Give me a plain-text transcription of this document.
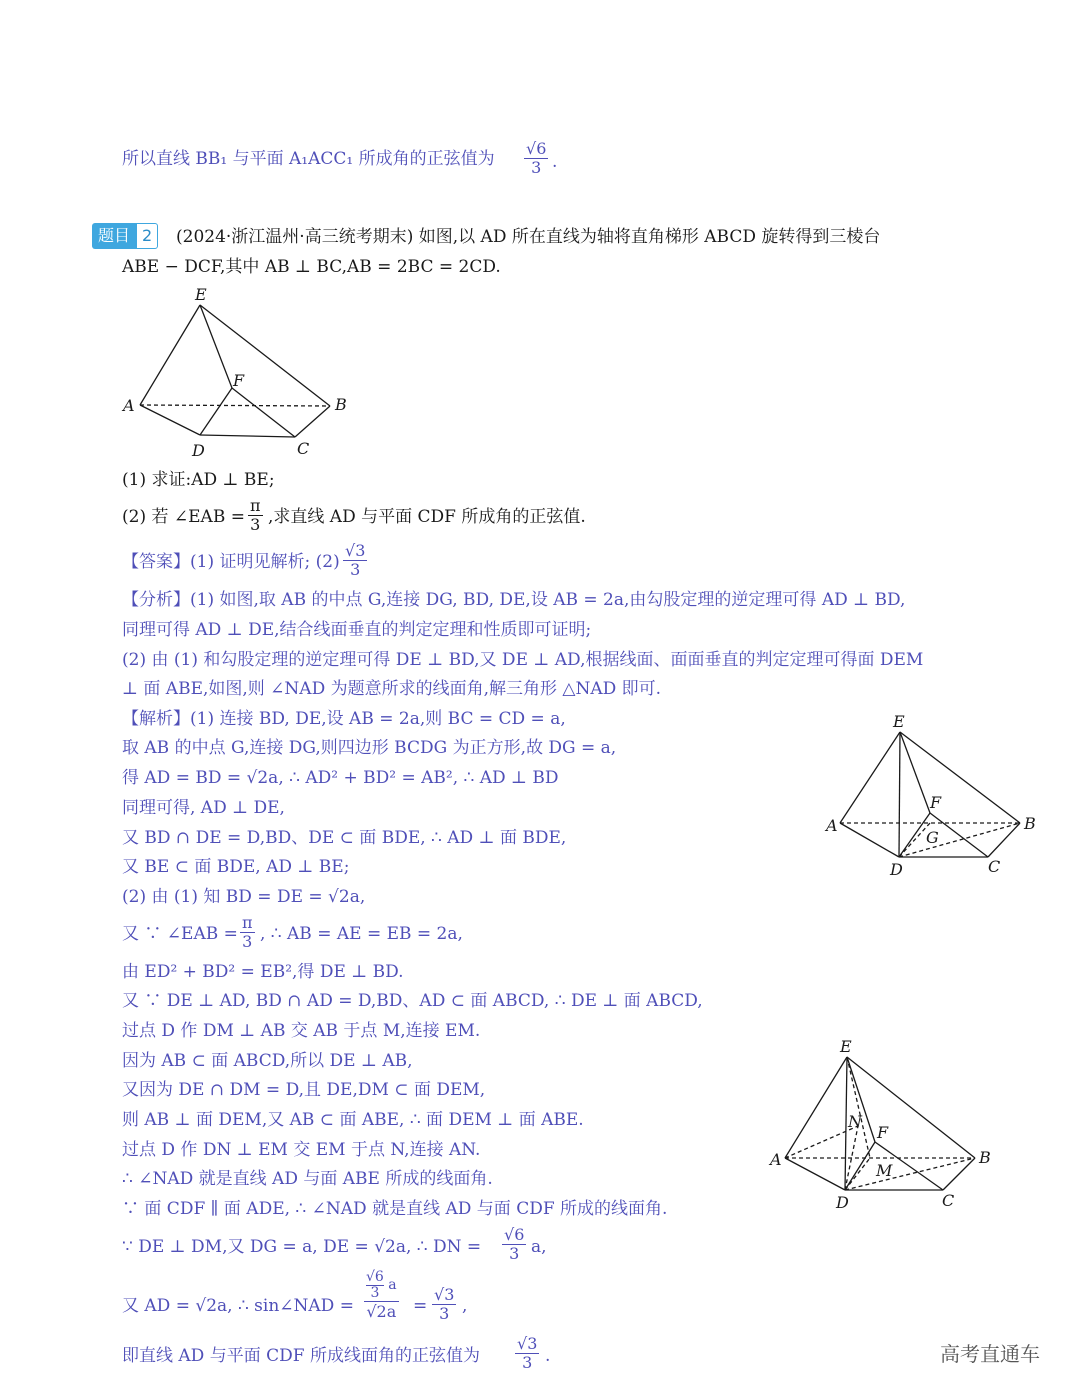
所以直线 BB₁ 与平面 A₁ACC₁ 所成角的正弦值为 $\frac{√6}{3}$ .
题目 2	(2024·浙江温州·高三统考期末) 如图,以 AD 所在直线为轴将直角梯形 ABCD 旋转得到三棱台
ABE − DCF,其中 AB ⊥ BC,AB = 2BC = 2CD.
E
A	B
F
D	C
(1) 求证:AD ⊥ BE;
(2) 若 ∠EAB = $\frac{\pi}{3}$ ,求直线 AD 与平面 CDF 所成角的正弦值.
【答案】(1) 证明见解析; $(2) \frac{√3}{3}$
【分析】(1) 如图,取 AB 的中点 G,连接 DG, BD, DE,设 AB = 2a,由勾股定理的逆定理可得 AD ⊥ BD,
同理可得 AD ⊥ DE,结合线面垂直的判定定理和性质即可证明;
(2) 由 (1) 和勾股定理的逆定理可得 DE ⊥ BD,又 DE ⊥ AD,根据线面、面面垂直的判定定理可得面 DEM
⊥ 面 ABE,如图,则 ∠NAD 为题意所求的线面角,解三角形 △NAD 即可.
【解析】(1) 连接 BD, DE,设 AB = 2a,则 BC = CD = a,
取 AB 的中点 G,连接 DG,则四边形 BCDG 为正方形,故 DG = a,
得 AD = BD = √2a, ∴ AD² + BD² = AB², ∴ AD ⊥ BD
同理可得, AD ⊥ DE,
又 BD ∩ DE = D,BD、DE ⊂ 面 BDE, ∴ AD ⊥ 面 BDE,
又 BE ⊂ 面 BDE, AD ⊥ BE;
(2) 由 (1) 知 BD = DE = √2a,
又 ∵ ∠EAB = $\frac{\pi}{3}$ , ∴ AB = AE = EB = 2a,
由 ED² + BD² = EB²,得 DE ⊥ BD.
又 ∵ DE ⊥ AD, BD ∩ AD = D,BD、AD ⊂ 面 ABCD, ∴ DE ⊥ 面 ABCD,
过点 D 作 DM ⊥ AB 交 AB 于点 M,连接 EM.
因为 AB ⊂ 面 ABCD,所以 DE ⊥ AB,
又因为 DE ∩ DM = D,且 DE,DM ⊂ 面 DEM,
则 AB ⊥ 面 DEM,又 AB ⊂ 面 ABE, ∴ 面 DEM ⊥ 面 ABE.
过点 D 作 DN ⊥ EM 交 EM 于点 N,连接 AN.
∴ ∠NAD 就是直线 AD 与面 ABE 所成的线面角.
∵ 面 CDF ∥ 面 ADE, ∴ ∠NAD 就是直线 AD 与面 CDF 所成的线面角.
∵ DE ⊥ DM,又 DG = a, DE = √2a, ∴ DN = $\frac{√6}{3} a$,
又 AD = √2a, ∴ sin∠NAD = $\frac{\frac{√6}{3} a}{√2a} = \frac{√3}{3}$ ,
即直线 AD 与平面 CDF 所成线面角的正弦值为 $\frac{√3}{3}$ .
E
A	B
F
G
D	C
E
A	B
F
N
M
D	C
高考直通车
